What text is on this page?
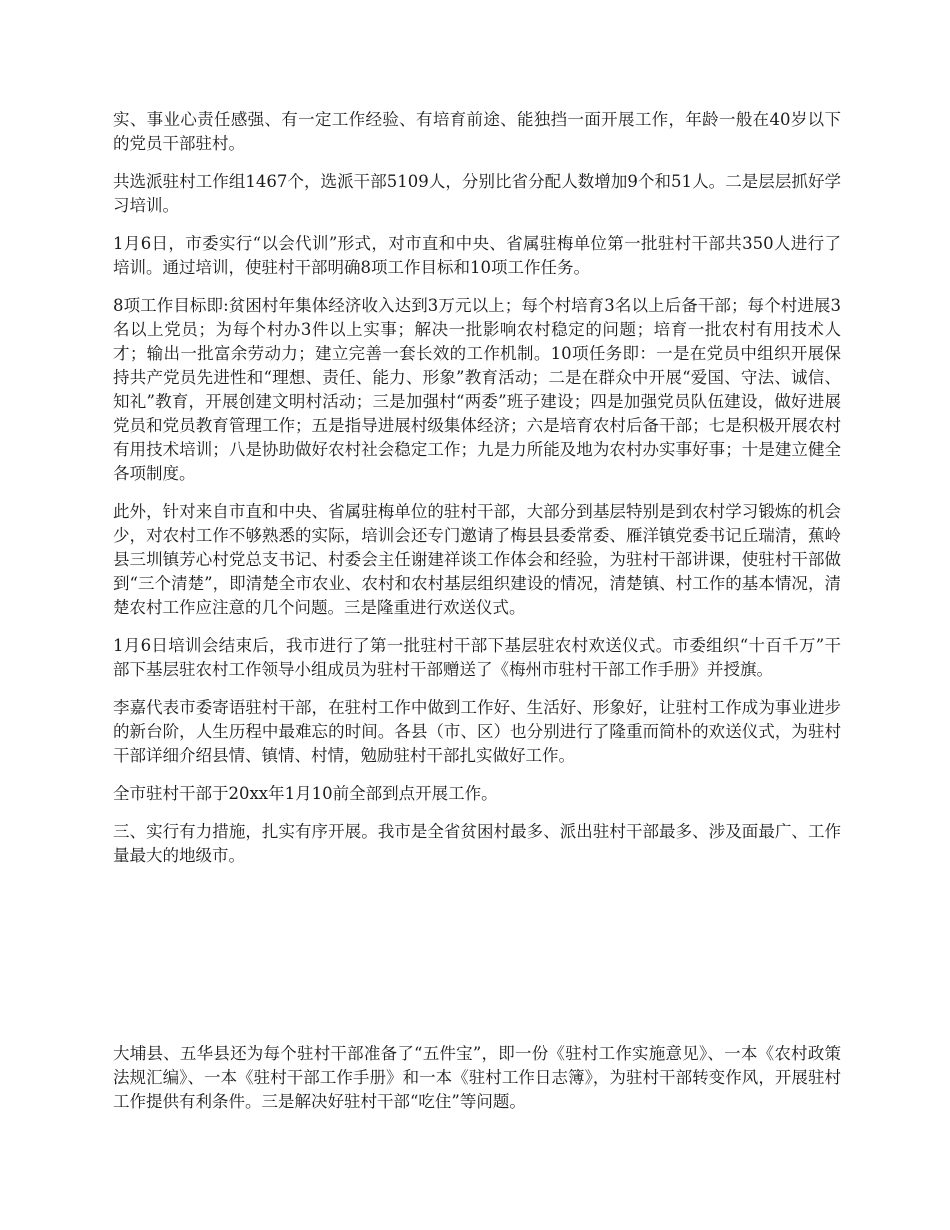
实、事业心责任感强、有一定工作经验、有培育前途、能独挡一面开展工作，年龄一般在40岁以下的党员干部驻村。

共选派驻村工作组1467个，选派干部5109人，分别比省分配人数增加9个和51人。二是层层抓好学习培训。

1月6日，市委实行“以会代训”形式，对市直和中央、省属驻梅单位第一批驻村干部共350人进行了培训。通过培训，使驻村干部明确8项工作目标和10项工作任务。

8项工作目标即:贫困村年集体经济收入达到3万元以上；每个村培育3名以上后备干部；每个村进展3名以上党员；为每个村办3件以上实事；解决一批影响农村稳定的问题；培育一批农村有用技术人才；输出一批富余劳动力；建立完善一套长效的工作机制。10项任务即：一是在党员中组织开展保持共产党员先进性和“理想、责任、能力、形象”教育活动；二是在群众中开展“爱国、守法、诚信、知礼”教育，开展创建文明村活动；三是加强村“两委”班子建设；四是加强党员队伍建设，做好进展党员和党员教育管理工作；五是指导进展村级集体经济；六是培育农村后备干部；七是积极开展农村有用技术培训；八是协助做好农村社会稳定工作；九是力所能及地为农村办实事好事；十是建立健全各项制度。

此外，针对来自市直和中央、省属驻梅单位的驻村干部，大部分到基层特别是到农村学习锻炼的机会少，对农村工作不够熟悉的实际，培训会还专门邀请了梅县县委常委、雁洋镇党委书记丘瑞清，蕉岭县三圳镇芳心村党总支书记、村委会主任谢建祥谈工作体会和经验，为驻村干部讲课，使驻村干部做到“三个清楚”，即清楚全市农业、农村和农村基层组织建设的情况，清楚镇、村工作的基本情况，清楚农村工作应注意的几个问题。三是隆重进行欢送仪式。

1月6日培训会结束后，我市进行了第一批驻村干部下基层驻农村欢送仪式。市委组织“十百千万”干部下基层驻农村工作领导小组成员为驻村干部赠送了《梅州市驻村干部工作手册》并授旗。

李嘉代表市委寄语驻村干部，在驻村工作中做到工作好、生活好、形象好，让驻村工作成为事业进步的新台阶，人生历程中最难忘的时间。各县（市、区）也分别进行了隆重而简朴的欢送仪式，为驻村干部详细介绍县情、镇情、村情，勉励驻村干部扎实做好工作。

全市驻村干部于20xx年1月10前全部到点开展工作。

三、实行有力措施，扎实有序开展。我市是全省贫困村最多、派出驻村干部最多、涉及面最广、工作量最大的地级市。

大埔县、五华县还为每个驻村干部准备了“五件宝”，即一份《驻村工作实施意见》、一本《农村政策法规汇编》、一本《驻村干部工作手册》和一本《驻村工作日志簿》，为驻村干部转变作风，开展驻村工作提供有利条件。三是解决好驻村干部“吃住”等问题。
